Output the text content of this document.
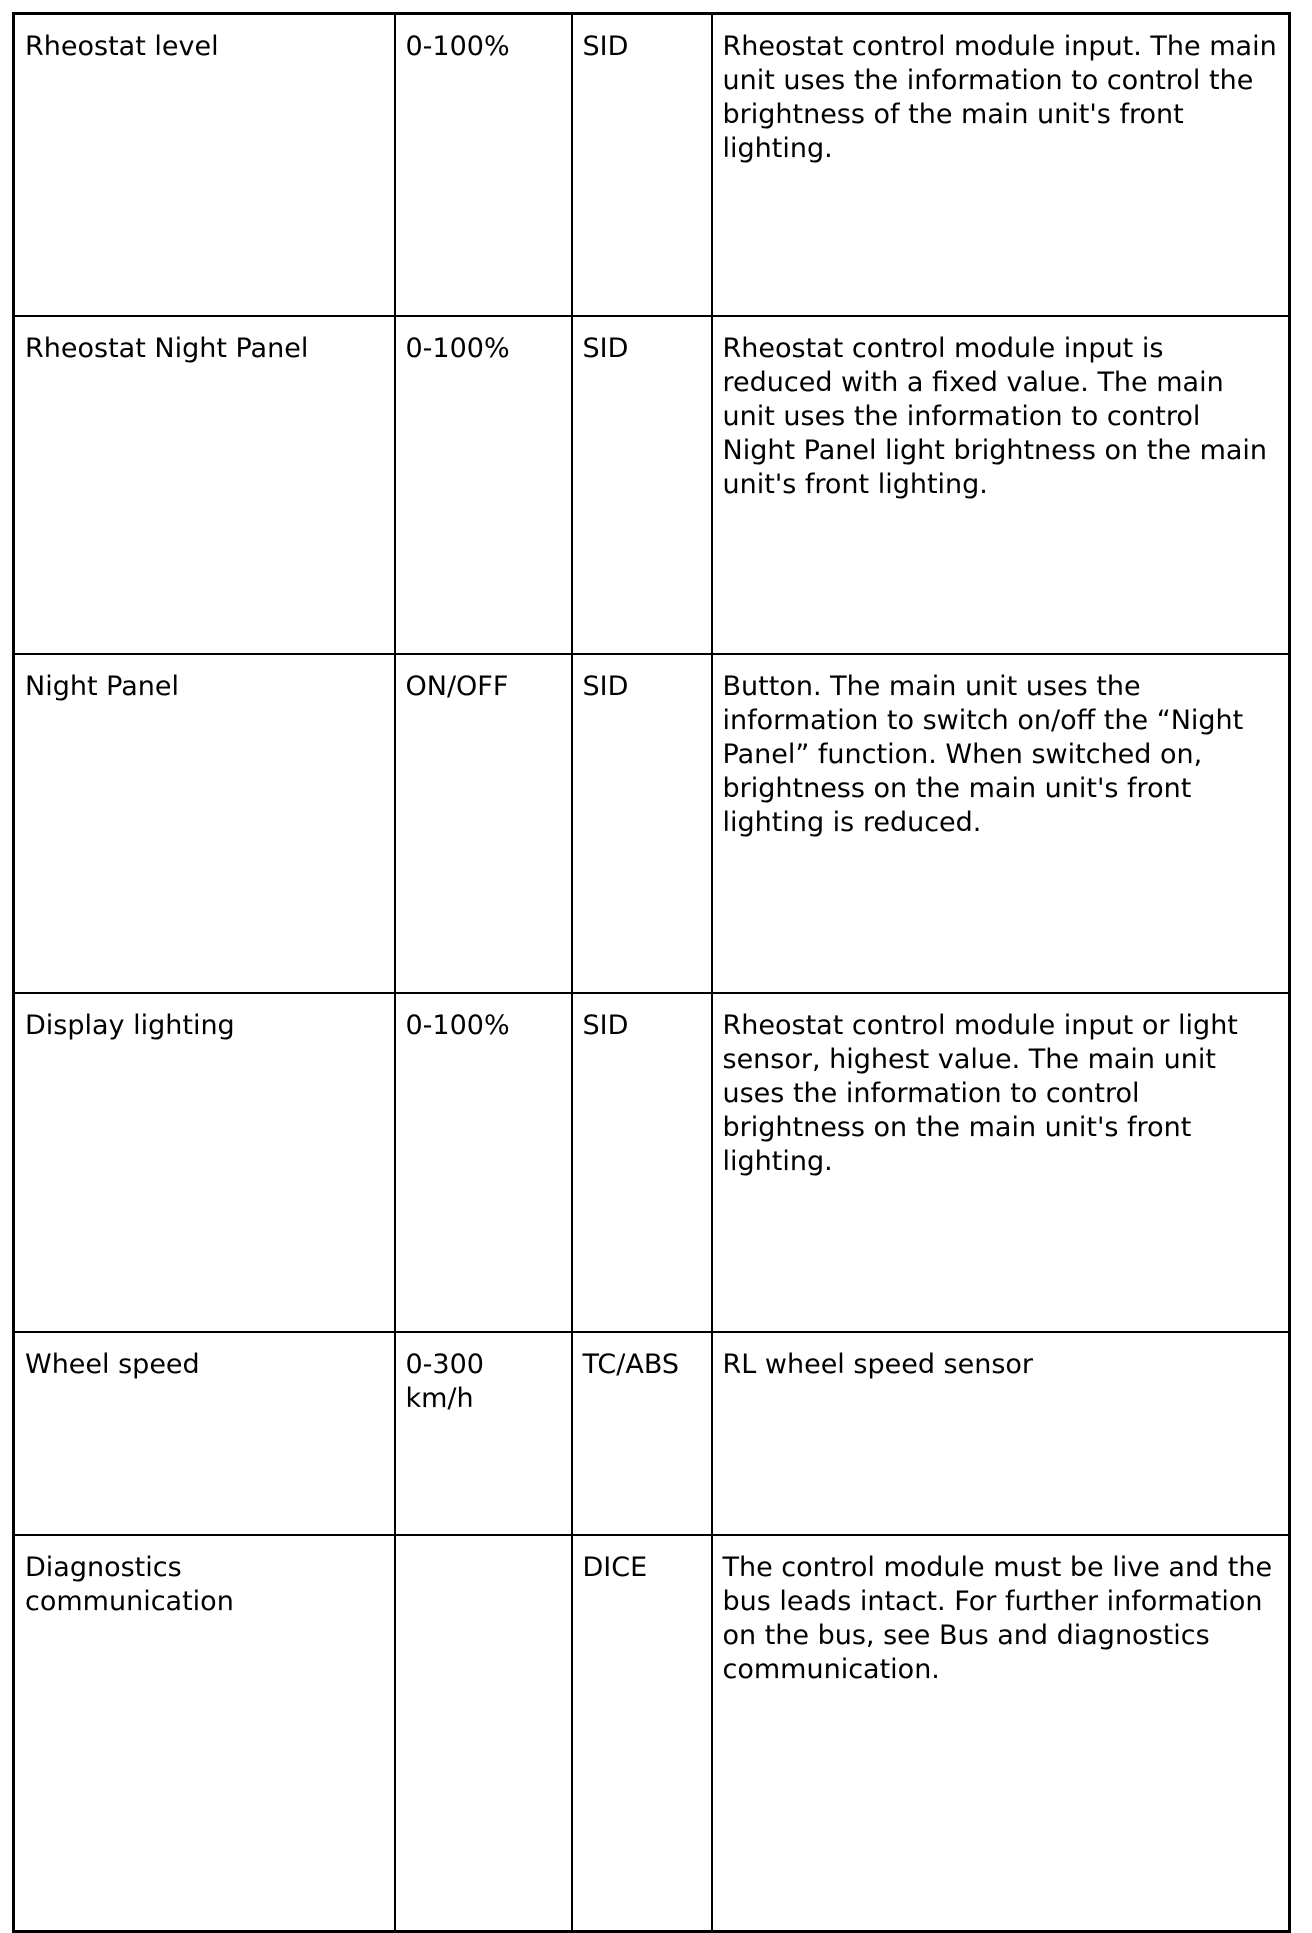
Rheostat level	0-100%	SID	Rheostat control module input. The main unit uses the information to control the brightness of the main unit's front lighting.
Rheostat Night Panel	0-100%	SID	Rheostat control module input is reduced with a fixed value. The main unit uses the information to control Night Panel light brightness on the main unit's front lighting.
Night Panel	ON/OFF	SID	Button. The main unit uses the information to switch on/off the “Night Panel” function. When switched on, brightness on the main unit's front lighting is reduced.
Display lighting	0-100%	SID	Rheostat control module input or light sensor, highest value. The main unit uses the information to control brightness on the main unit's front lighting.
Wheel speed	0-300 km/h	TC/ABS	RL wheel speed sensor
Diagnostics communication		DICE	The control module must be live and the bus leads intact. For further information on the bus, see Bus and diagnostics communication.
